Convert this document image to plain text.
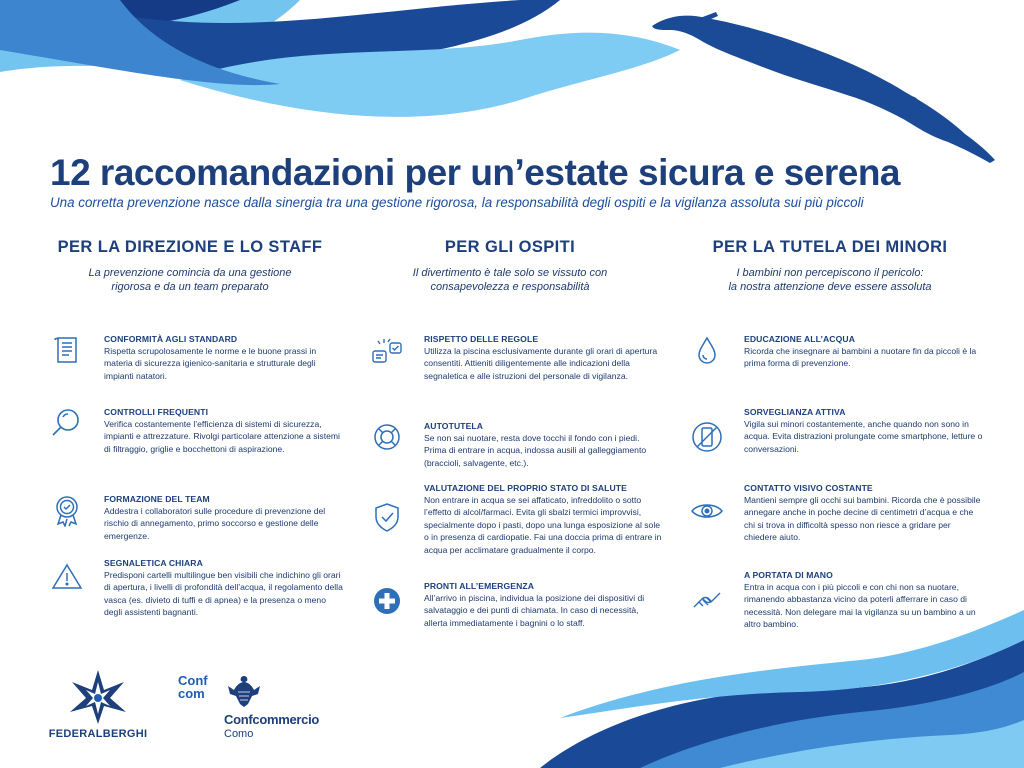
12 raccomandazioni per un’estate sicura e serena
Una corretta prevenzione nasce dalla sinergia tra una gestione rigorosa, la responsabilità degli ospiti e la vigilanza assoluta sui più piccoli
PER LA DIREZIONE E LO STAFF
La prevenzione comincia da una gestione
rigorosa e da un team preparato
PER GLI OSPITI
Il divertimento è tale solo se vissuto con
consapevolezza e responsabilità
PER LA TUTELA DEI MINORI
I bambini non percepiscono il pericolo:
la nostra attenzione deve essere assoluta
CONFORMITÀ AGLI STANDARD

Rispetta scrupolosamente le norme e le buone prassi in materia di sicurezza igienico-sanitaria e strutturale degli impianti natatori.

CONTROLLI FREQUENTI

Verifica costantemente l’efficienza di sistemi di sicurezza, impianti e attrezzature. Rivolgi particolare attenzione a sistemi di filtraggio, griglie e bocchettoni di aspirazione.

FORMAZIONE DEL TEAM

Addestra i collaboratori sulle procedure di prevenzione del rischio di annegamento, primo soccorso e gestione delle emergenze.

SEGNALETICA CHIARA

Predisponi cartelli multilingue ben visibili che indichino gli orari di apertura, i livelli di profondità dell’acqua, il regolamento della vasca (es. divieto di tuffi e di apnea) e la presenza o meno degli assistenti bagnanti.

RISPETTO DELLE REGOLE

Utilizza la piscina esclusivamente durante gli orari di apertura consentiti. Attieniti diligentemente alle indicazioni della segnaletica e alle istruzioni del personale di vigilanza.

AUTOTUTELA

Se non sai nuotare, resta dove tocchi il fondo con i piedi. Prima di entrare in acqua, indossa ausili al galleggiamento (braccioli, salvagente, etc.).

VALUTAZIONE DEL PROPRIO STATO DI SALUTE

Non entrare in acqua se sei affaticato, infreddolito o sotto l’effetto di alcol/farmaci. Evita gli sbalzi termici improvvisi, specialmente dopo i pasti, dopo una lunga esposizione al sole o in presenza di cardiopatie. Fai una doccia prima di entrare in acqua per acclimatare gradualmente il corpo.

PRONTI ALL’EMERGENZA

All’arrivo in piscina, individua la posizione dei dispositivi di salvataggio e dei punti di chiamata. In caso di necessità, allerta immediatamente i bagnini o lo staff.

EDUCAZIONE ALL’ACQUA

Ricorda che insegnare ai bambini a nuotare fin da piccoli è la prima forma di prevenzione.

SORVEGLIANZA ATTIVA

Vigila sui minori costantemente, anche quando non sono in acqua. Evita distrazioni prolungate come smartphone, letture o conversazioni.

CONTATTO VISIVO COSTANTE

Mantieni sempre gli occhi sui bambini. Ricorda che è possibile annegare anche in poche decine di centimetri d’acqua e che chi si trova in difficoltà spesso non riesce a gridare per chiedere aiuto.

A PORTATA DI MANO

Entra in acqua con i più piccoli e con chi non sa nuotare, rimanendo abbastanza vicino da poterli afferrare in caso di necessità. Non delegare mai la vigilanza su un bambino a un altro bambino.

FEDERALBERGHI
Conf
com
Confcommercio
Como
